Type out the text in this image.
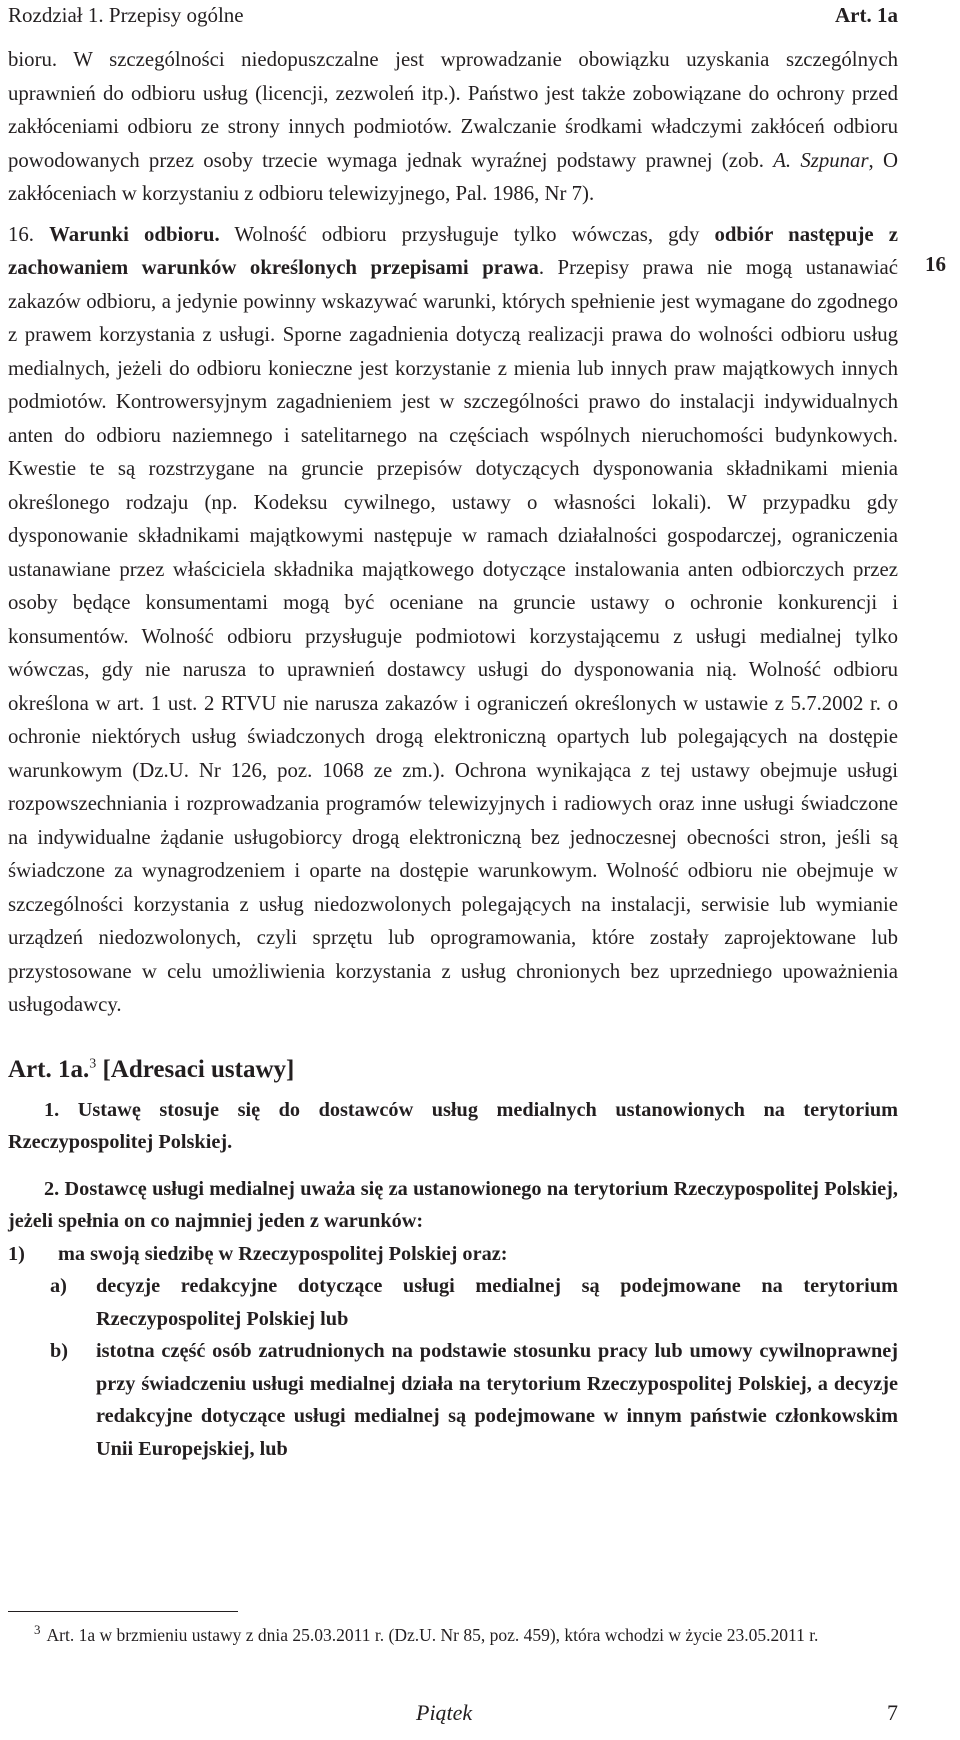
Rozdział 1. Przepisy ogólne	Art. 1a
16

bioru. W szczególności niedopuszczalne jest wprowadzanie obowiązku uzyskania szczególnych uprawnień do odbioru usług (licencji, zezwoleń itp.). Państwo jest także zobowiązane do ochrony przed zakłóceniami odbioru ze strony innych podmiotów. Zwalczanie środkami władczymi zakłóceń odbioru powodowanych przez osoby trzecie wymaga jednak wyraźnej podstawy prawnej (zob. A. Szpunar, O zakłóceniach w korzystaniu z odbioru telewizyjnego, Pal. 1986, Nr 7).

16. Warunki odbioru. Wolność odbioru przysługuje tylko wówczas, gdy odbiór następuje z zachowaniem warunków określonych przepisami prawa. Przepisy prawa nie mogą ustanawiać zakazów odbioru, a jedynie powinny wskazywać warunki, których spełnienie jest wymagane do zgodnego z prawem korzystania z usługi. Sporne zagadnienia dotyczą realizacji prawa do wolności odbioru usług medialnych, jeżeli do odbioru konieczne jest korzystanie z mienia lub innych praw majątkowych innych podmiotów. Kontrowersyjnym zagadnieniem jest w szczególności prawo do instalacji indywidualnych anten do odbioru naziemnego i satelitarnego na częściach wspólnych nieruchomości budynkowych. Kwestie te są rozstrzygane na gruncie przepisów dotyczących dysponowania składnikami mienia określonego rodzaju (np. Kodeksu cywilnego, ustawy o własności lokali). W przypadku gdy dysponowanie składnikami majątkowymi następuje w ramach działalności gospodarczej, ograniczenia ustanawiane przez właściciela składnika majątkowego dotyczące instalowania anten odbiorczych przez osoby będące konsumentami mogą być oceniane na gruncie ustawy o ochronie konkurencji i konsumentów. Wolność odbioru przysługuje podmiotowi korzystającemu z usługi medialnej tylko wówczas, gdy nie narusza to uprawnień dostawcy usługi do dysponowania nią. Wolność odbioru określona w art. 1 ust. 2 RTVU nie narusza zakazów i ograniczeń określonych w ustawie z 5.7.2002 r. o ochronie niektórych usług świadczonych drogą elektroniczną opartych lub polegających na dostępie warunkowym (Dz.U. Nr 126, poz. 1068 ze zm.). Ochrona wynikająca z tej ustawy obejmuje usługi rozpowszechniania i rozprowadzania programów telewizyjnych i radiowych oraz inne usługi świadczone na indywidualne żądanie usługobiorcy drogą elektroniczną bez jednoczesnej obecności stron, jeśli są świadczone za wynagrodzeniem i oparte na dostępie warunkowym. Wolność odbioru nie obejmuje w szczególności korzystania z usług niedozwolonych polegających na instalacji, serwisie lub wymianie urządzeń niedozwolonych, czyli sprzętu lub oprogramowania, które zostały zaprojektowane lub przystosowane w celu umożliwienia korzystania z usług chronionych bez uprzedniego upoważnienia usługodawcy.

Art. 1a.$^3$ [Adresaci ustawy]

1. Ustawę stosuje się do dostawców usług medialnych ustanowionych na terytorium Rzeczypospolitej Polskiej.

2. Dostawcę usługi medialnej uważa się za ustanowionego na terytorium Rzeczypospolitej Polskiej, jeżeli spełnia on co najmniej jeden z warunków:

1)	ma swoją siedzibę w Rzeczypospolitej Polskiej oraz:
a)	decyzje redakcyjne dotyczące usługi medialnej są podejmowane na terytorium Rzeczypospolitej Polskiej lub
b)	istotna część osób zatrudnionych na podstawie stosunku pracy lub umowy cywilnoprawnej przy świadczeniu usługi medialnej działa na terytorium Rzeczypospolitej Polskiej, a decyzje redakcyjne dotyczące usługi medialnej są podejmowane w innym państwie członkowskim Unii Europejskiej, lub
$^3$ Art. 1a w brzmieniu ustawy z dnia 25.03.2011 r. (Dz.U. Nr 85, poz. 459), która wchodzi w życie 23.05.2011 r.
Piątek	7
